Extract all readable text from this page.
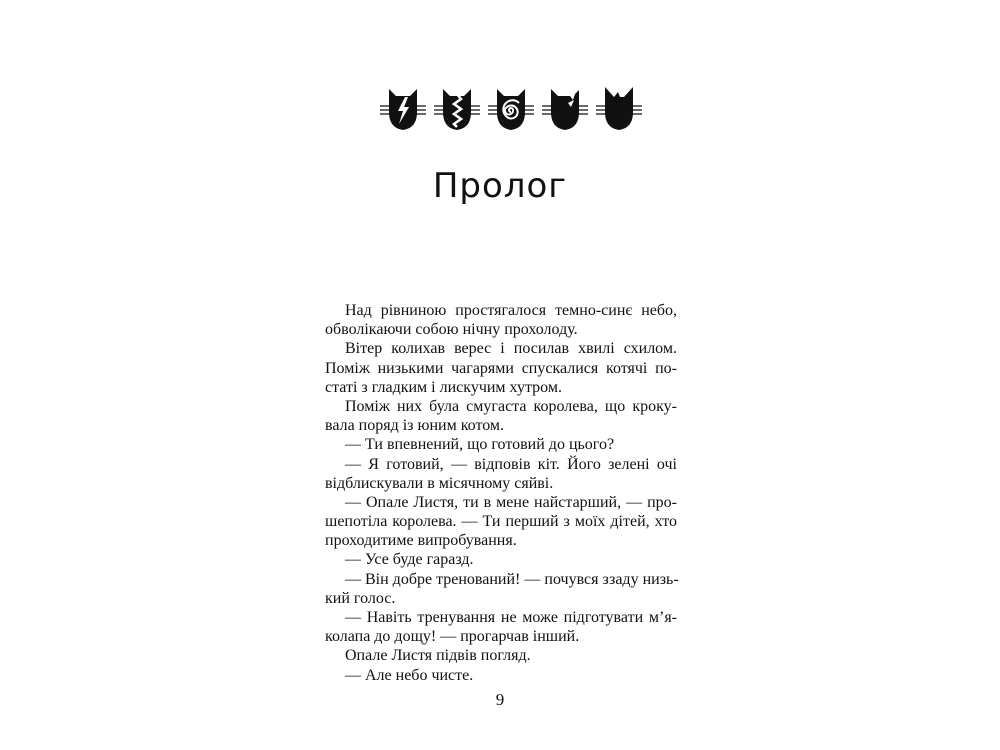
Пролог
Над рівниною простягалося темно-синє небо,
обволікаючи собою нічну прохолоду.
Вітер колихав верес і посилав хвилі схилом.
Поміж низькими чагарями спускалися котячі по-
статі з гладким і лискучим хутром.
Поміж них була смугаста королева, що кроку-
вала поряд із юним котом.
— Ти впевнений, що готовий до цього?
— Я готовий, — відповів кіт. Його зелені очі
відблискували в місячному сяйві.
— Опале Листя, ти в мене найстарший, — про-
шепотіла королева. — Ти перший з моїх дітей, хто
проходитиме випробування.
— Усе буде гаразд.
— Він добре тренований! — почувся ззаду низь-
кий голос.
— Навіть тренування не може підготувати м’я-
колапа до дощу! — прогарчав інший.
Опале Листя підвів погляд.
— Але небо чисте.
9
